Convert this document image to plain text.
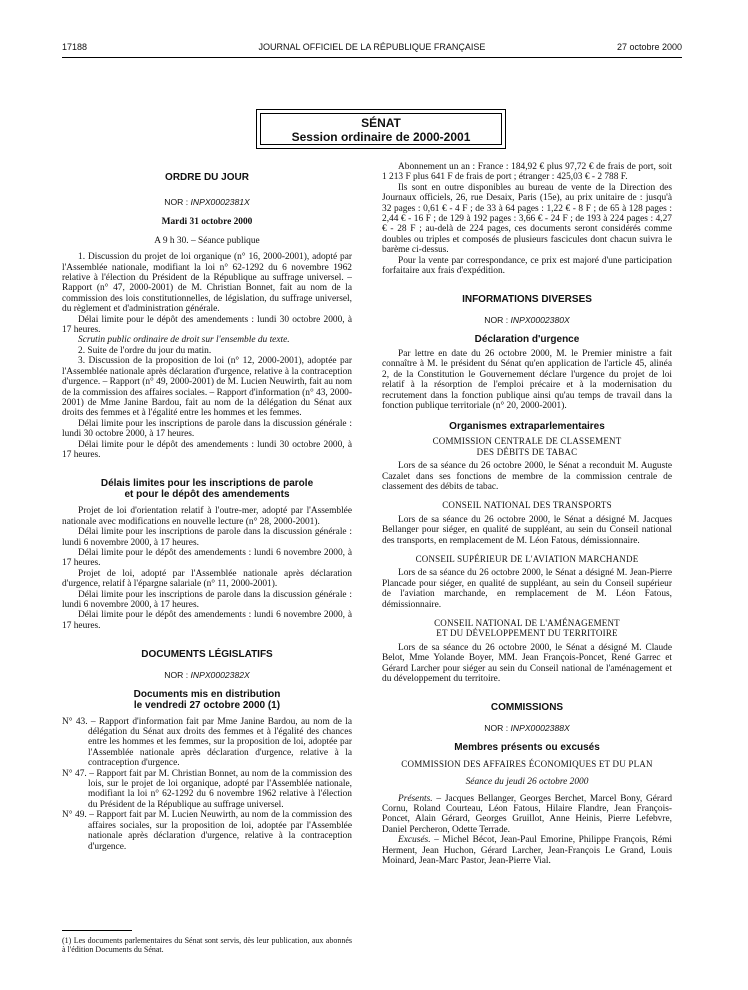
17188	JOURNAL OFFICIEL DE LA RÉPUBLIQUE FRANÇAISE	27 octobre 2000
SÉNAT
Session ordinaire de 2000-2001
ORDRE DU JOUR
NOR : INPX0002381X
Mardi 31 octobre 2000
A 9 h 30. – Séance publique

1. Discussion du projet de loi organique (n° 16, 2000-2001), adopté par l'Assemblée nationale, modifiant la loi n° 62-1292 du 6 novembre 1962 relative à l'élection du Président de la République au suffrage universel. – Rapport (n° 47, 2000-2001) de M. Christian Bonnet, fait au nom de la commission des lois constitutionnelles, de législation, du suffrage universel, du règlement et d'administration générale.

Délai limite pour le dépôt des amendements : lundi 30 octobre 2000, à 17 heures.

Scrutin public ordinaire de droit sur l'ensemble du texte.

2. Suite de l'ordre du jour du matin.

3. Discussion de la proposition de loi (n° 12, 2000-2001), adoptée par l'Assemblée nationale après déclaration d'urgence, relative à la contraception d'urgence. – Rapport (n° 49, 2000-2001) de M. Lucien Neuwirth, fait au nom de la commission des affaires sociales. – Rapport d'information (n° 43, 2000-2001) de Mme Janine Bardou, fait au nom de la délégation du Sénat aux droits des femmes et à l'égalité entre les hommes et les femmes.

Délai limite pour les inscriptions de parole dans la discussion générale : lundi 30 octobre 2000, à 17 heures.

Délai limite pour le dépôt des amendements : lundi 30 octobre 2000, à 17 heures.

Délais limites pour les inscriptions de parole
et pour le dépôt des amendements

Projet de loi d'orientation relatif à l'outre-mer, adopté par l'Assemblée nationale avec modifications en nouvelle lecture (n° 28, 2000-2001).

Délai limite pour les inscriptions de parole dans la discussion générale : lundi 6 novembre 2000, à 17 heures.

Délai limite pour le dépôt des amendements : lundi 6 novembre 2000, à 17 heures.

Projet de loi, adopté par l'Assemblée nationale après déclaration d'urgence, relatif à l'épargne salariale (n° 11, 2000-2001).

Délai limite pour les inscriptions de parole dans la discussion générale : lundi 6 novembre 2000, à 17 heures.

Délai limite pour le dépôt des amendements : lundi 6 novembre 2000, à 17 heures.

DOCUMENTS LÉGISLATIFS
NOR : INPX0002382X
Documents mis en distribution
le vendredi 27 octobre 2000 (1)

N° 43. – Rapport d'information fait par Mme Janine Bardou, au nom de la délégation du Sénat aux droits des femmes et à l'égalité des chances entre les hommes et les femmes, sur la proposition de loi, adoptée par l'Assemblée nationale après déclaration d'urgence, relative à la contraception d'urgence.

N° 47. – Rapport fait par M. Christian Bonnet, au nom de la commission des lois, sur le projet de loi organique, adopté par l'Assemblée nationale, modifiant la loi n° 62-1292 du 6 novembre 1962 relative à l'élection du Président de la République au suffrage universel.

N° 49. – Rapport fait par M. Lucien Neuwirth, au nom de la commission des affaires sociales, sur la proposition de loi, adoptée par l'Assemblée nationale après déclaration d'urgence, relative à la contraception d'urgence.

(1) Les documents parlementaires du Sénat sont servis, dès leur publication, aux abonnés à l'édition Documents du Sénat.

Abonnement un an : France : 184,92 € plus 97,72 € de frais de port, soit 1 213 F plus 641 F de frais de port ; étranger : 425,03 € - 2 788 F.

Ils sont en outre disponibles au bureau de vente de la Direction des Journaux officiels, 26, rue Desaix, Paris (15e), au prix unitaire de : jusqu'à 32 pages : 0,61 € - 4 F ; de 33 à 64 pages : 1,22 € - 8 F ; de 65 à 128 pages : 2,44 € - 16 F ; de 129 à 192 pages : 3,66 € - 24 F ; de 193 à 224 pages : 4,27 € - 28 F ; au-delà de 224 pages, ces documents seront considérés comme doubles ou triples et composés de plusieurs fascicules dont chacun suivra le barème ci-dessus.

Pour la vente par correspondance, ce prix est majoré d'une participation forfaitaire aux frais d'expédition.

INFORMATIONS DIVERSES
NOR : INPX0002380X
Déclaration d'urgence

Par lettre en date du 26 octobre 2000, M. le Premier ministre a fait connaître à M. le président du Sénat qu'en application de l'article 45, alinéa 2, de la Constitution le Gouvernement déclare l'urgence du projet de loi relatif à la résorption de l'emploi précaire et à la modernisation du recrutement dans la fonction publique ainsi qu'au temps de travail dans la fonction publique territoriale (n° 20, 2000-2001).

Organismes extraparlementaires
COMMISSION CENTRALE DE CLASSEMENT
DES DÉBITS DE TABAC

Lors de sa séance du 26 octobre 2000, le Sénat a reconduit M. Auguste Cazalet dans ses fonctions de membre de la commission centrale de classement des débits de tabac.

CONSEIL NATIONAL DES TRANSPORTS

Lors de sa séance du 26 octobre 2000, le Sénat a désigné M. Jacques Bellanger pour siéger, en qualité de suppléant, au sein du Conseil national des transports, en remplacement de M. Léon Fatous, démissionnaire.

CONSEIL SUPÉRIEUR DE L'AVIATION MARCHANDE

Lors de sa séance du 26 octobre 2000, le Sénat a désigné M. Jean-Pierre Plancade pour siéger, en qualité de suppléant, au sein du Conseil supérieur de l'aviation marchande, en remplacement de M. Léon Fatous, démissionnaire.

CONSEIL NATIONAL DE L'AMÉNAGEMENT
ET DU DÉVELOPPEMENT DU TERRITOIRE

Lors de sa séance du 26 octobre 2000, le Sénat a désigné M. Claude Belot, Mme Yolande Boyer, MM. Jean François-Poncet, René Garrec et Gérard Larcher pour siéger au sein du Conseil national de l'aménagement et du développement du territoire.

COMMISSIONS
NOR : INPX0002388X
Membres présents ou excusés
COMMISSION DES AFFAIRES ÉCONOMIQUES ET DU PLAN
Séance du jeudi 26 octobre 2000

Présents. – Jacques Bellanger, Georges Berchet, Marcel Bony, Gérard Cornu, Roland Courteau, Léon Fatous, Hilaire Flandre, Jean François-Poncet, Alain Gérard, Georges Gruillot, Anne Heinis, Pierre Lefebvre, Daniel Percheron, Odette Terrade.

Excusés. – Michel Bécot, Jean-Paul Emorine, Philippe François, Rémi Herment, Jean Huchon, Gérard Larcher, Jean-François Le Grand, Louis Moinard, Jean-Marc Pastor, Jean-Pierre Vial.
